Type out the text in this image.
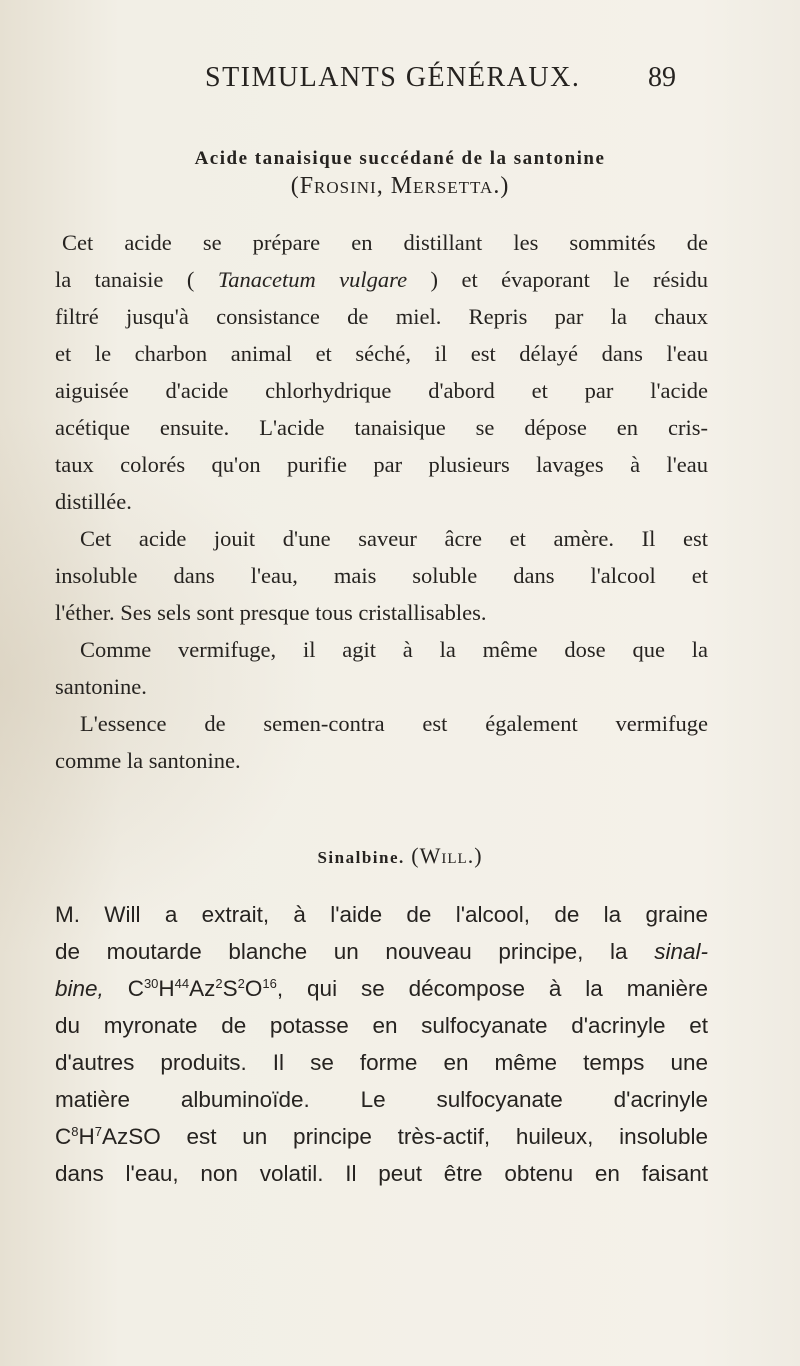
STIMULANTS GÉNÉRAUX. 89
Acide tanaisique succédané de la santonine
(Frosini, Mersetta.)
Cet acide se prépare en distillant les sommités de
la tanaisie ( Tanacetum vulgare ) et évaporant le résidu
filtré jusqu'à consistance de miel. Repris par la chaux
et le charbon animal et séché, il est délayé dans l'eau
aiguisée d'acide chlorhydrique d'abord et par l'acide
acétique ensuite. L'acide tanaisique se dépose en cris-
taux colorés qu'on purifie par plusieurs lavages à l'eau
distillée.
Cet acide jouit d'une saveur âcre et amère. Il est
insoluble dans l'eau, mais soluble dans l'alcool et
l'éther. Ses sels sont presque tous cristallisables.
Comme vermifuge, il agit à la même dose que la
santonine.
L'essence de semen-contra est également vermifuge
comme la santonine.
Sinalbine. (Will.)
M. Will a extrait, à l'aide de l'alcool, de la graine
de moutarde blanche un nouveau principe, la sinal-
bine, $C^{30}H^{44}Az^2S^2O^{16}$, qui se décompose à la manière
du myronate de potasse en sulfocyanate d'acrinyle et
d'autres produits. Il se forme en même temps une
matière albuminoïde. Le sulfocyanate d'acrinyle
$C^8H^7AzSO$ est un principe très-actif, huileux, insoluble
dans l'eau, non volatil. Il peut être obtenu en faisant
